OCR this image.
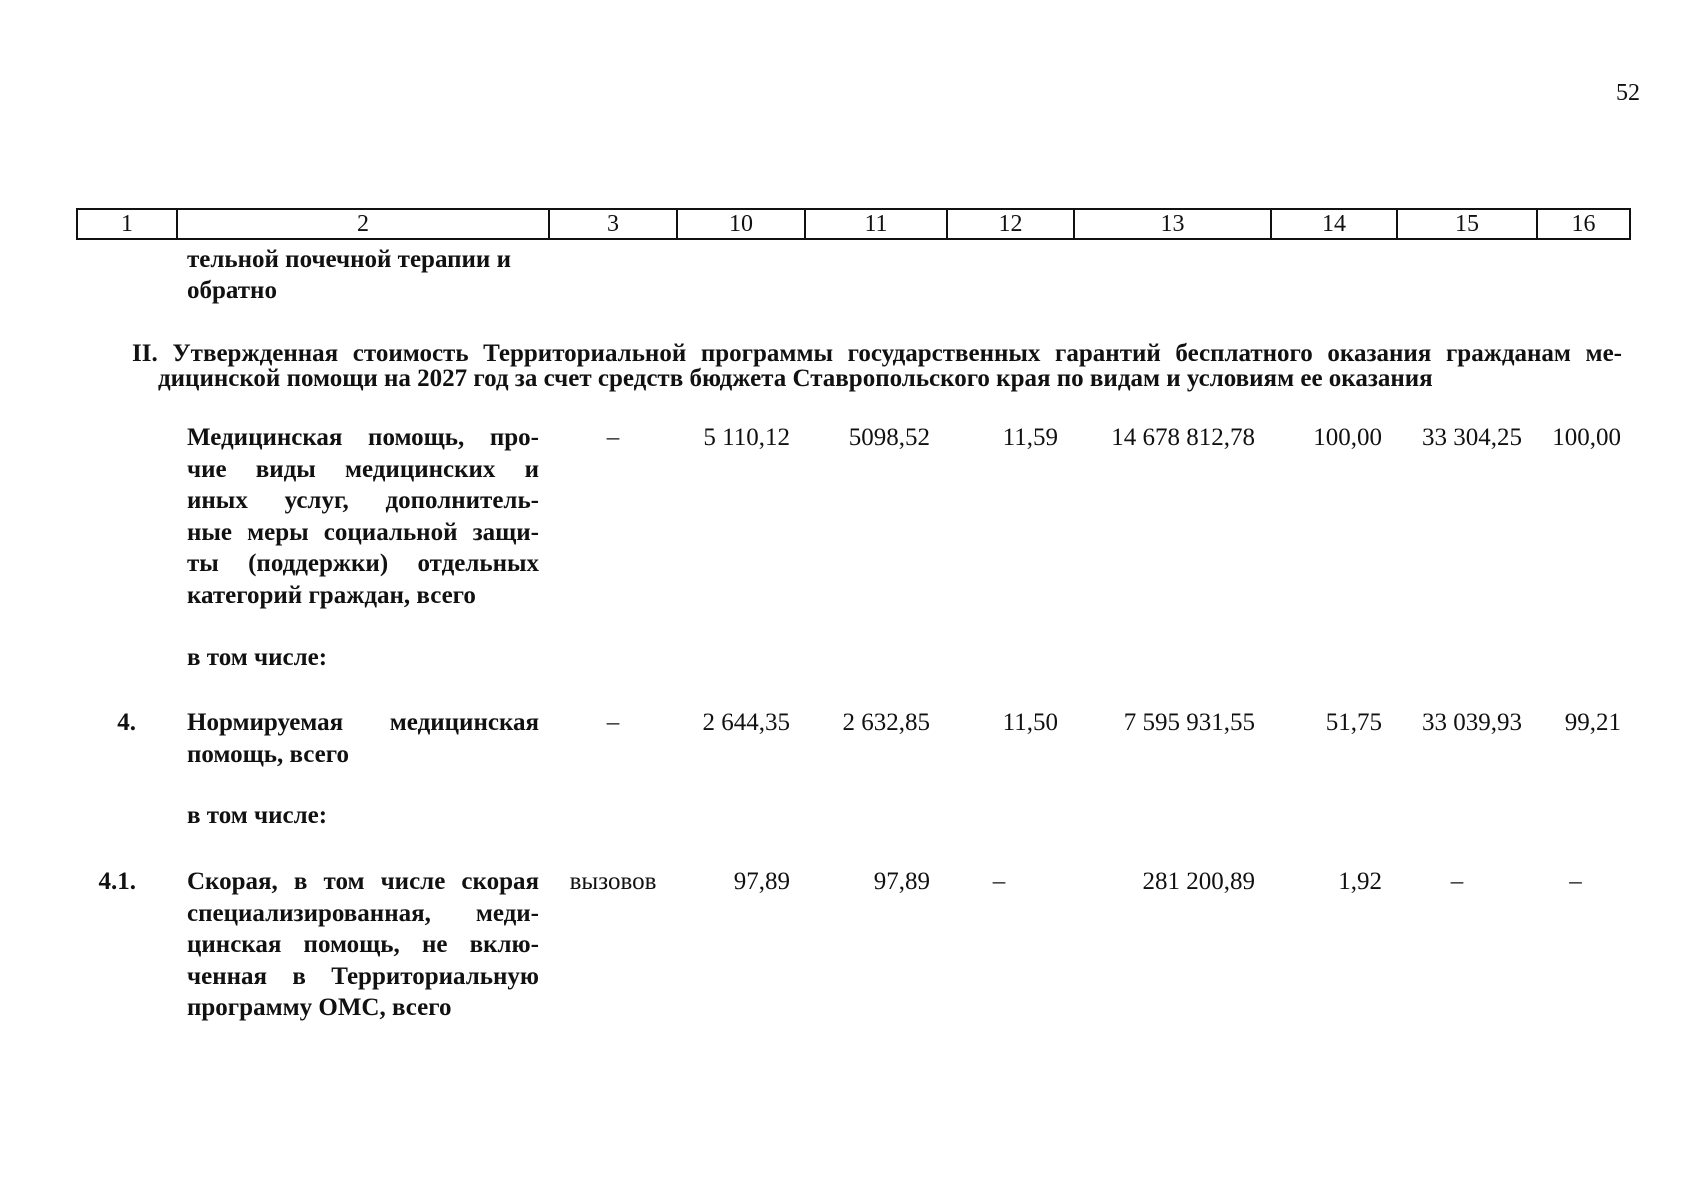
52
1	2	3	10	11	12	13	14	15	16
тельной почечной терапии и
обратно
II. Утвержденная стоимость Территориальной программы государственных гарантий бесплатного оказания гражданам ме-
дицинской помощи на 2027 год за счет средств бюджета Ставропольского края по видам и условиям ее оказания
Медицинская помощь, про-
чие виды медицинских и
иных услуг, дополнитель-
ные меры социальной защи-
ты (поддержки) отдельных
категорий граждан, всего
–	5 110,12	5098,52	11,59	14 678 812,78	100,00	33 304,25	100,00
в том числе:
4. Нормируемая медицинская
помощь, всего
–	2 644,35	2 632,85	11,50	7 595 931,55	51,75	33 039,93	99,21
в том числе:
4.1. Скорая, в том числе скорая
специализированная, меди-
цинская помощь, не вклю-
ченная в Территориальную
программу ОМС, всего
вызовов	97,89	97,89	–	281 200,89	1,92	–	–
